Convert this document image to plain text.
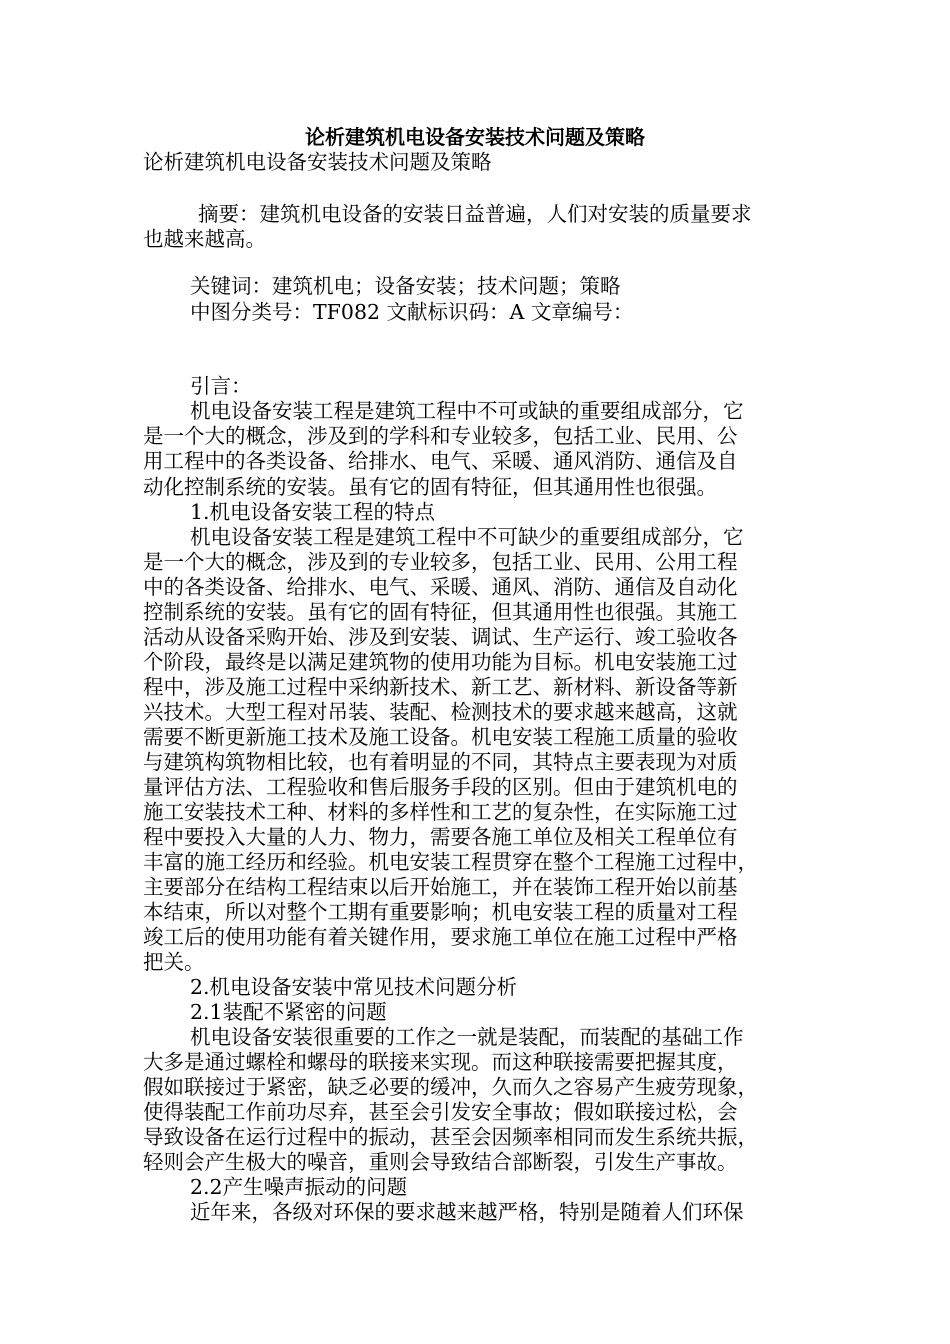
论析建筑机电设备安装技术问题及策略
论析建筑机电设备安装技术问题及策略
摘要：建筑机电设备的安装日益普遍，人们对安装的质量要求
也越来越高。
关键词：建筑机电；设备安装；技术问题；策略
中图分类号：TF082 文献标识码：A 文章编号：
引言：
机电设备安装工程是建筑工程中不可或缺的重要组成部分，它
是一个大的概念，涉及到的学科和专业较多，包括工业、民用、公
用工程中的各类设备、给排水、电气、采暖、通风消防、通信及自
动化控制系统的安装。虽有它的固有特征，但其通用性也很强。
1.机电设备安装工程的特点
机电设备安装工程是建筑工程中不可缺少的重要组成部分，它
是一个大的概念，涉及到的专业较多，包括工业、民用、公用工程
中的各类设备、给排水、电气、采暖、通风、消防、通信及自动化
控制系统的安装。虽有它的固有特征，但其通用性也很强。其施工
活动从设备采购开始、涉及到安装、调试、生产运行、竣工验收各
个阶段，最终是以满足建筑物的使用功能为目标。机电安装施工过
程中，涉及施工过程中采纳新技术、新工艺、新材料、新设备等新
兴技术。大型工程对吊装、装配、检测技术的要求越来越高，这就
需要不断更新施工技术及施工设备。机电安装工程施工质量的验收
与建筑构筑物相比较，也有着明显的不同，其特点主要表现为对质
量评估方法、工程验收和售后服务手段的区别。但由于建筑机电的
施工安装技术工种、材料的多样性和工艺的复杂性，在实际施工过
程中要投入大量的人力、物力，需要各施工单位及相关工程单位有
丰富的施工经历和经验。机电安装工程贯穿在整个工程施工过程中，
主要部分在结构工程结束以后开始施工，并在装饰工程开始以前基
本结束，所以对整个工期有重要影响；机电安装工程的质量对工程
竣工后的使用功能有着关键作用，要求施工单位在施工过程中严格
把关。
2.机电设备安装中常见技术问题分析
2.1装配不紧密的问题
机电设备安装很重要的工作之一就是装配，而装配的基础工作
大多是通过螺栓和螺母的联接来实现。而这种联接需要把握其度，
假如联接过于紧密，缺乏必要的缓冲，久而久之容易产生疲劳现象，
使得装配工作前功尽弃，甚至会引发安全事故；假如联接过松，会
导致设备在运行过程中的振动，甚至会因频率相同而发生系统共振，
轻则会产生极大的噪音，重则会导致结合部断裂，引发生产事故。
2.2产生噪声振动的问题
近年来，各级对环保的要求越来越严格，特别是随着人们环保
